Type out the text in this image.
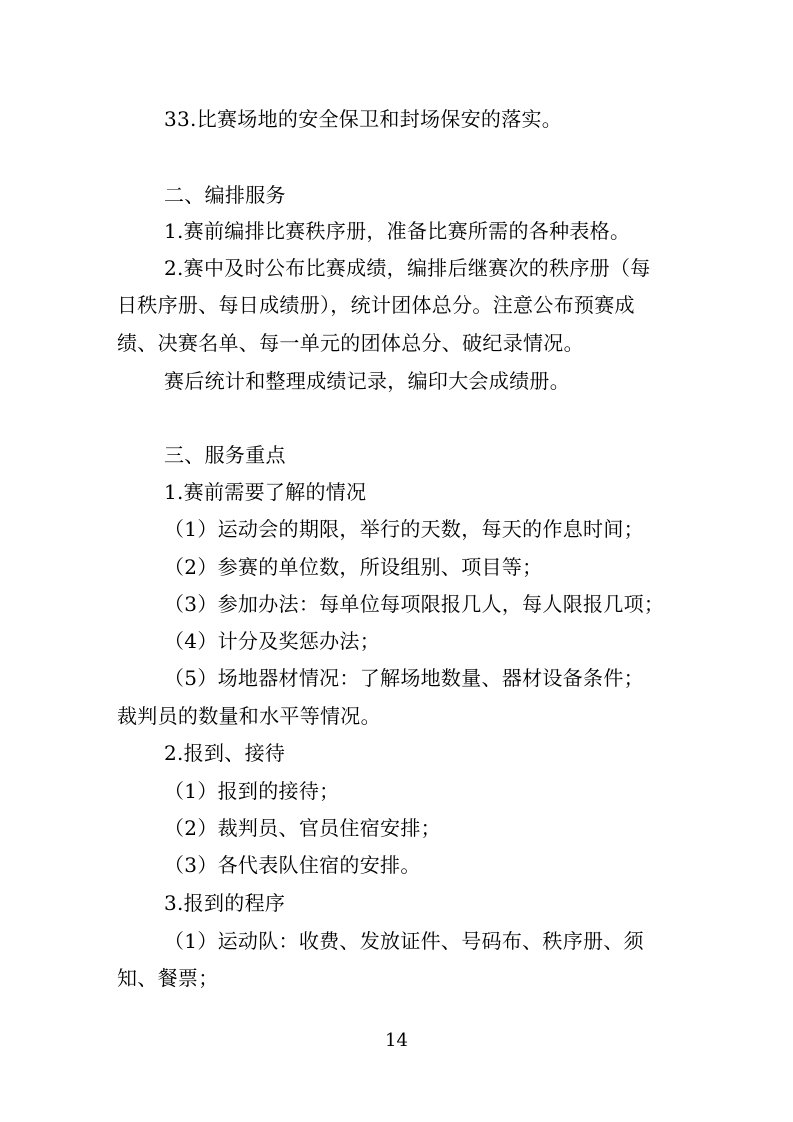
33.比赛场地的安全保卫和封场保安的落实。
二、编排服务
1.赛前编排比赛秩序册，准备比赛所需的各种表格。
2.赛中及时公布比赛成绩，编排后继赛次的秩序册（每
日秩序册、每日成绩册），统计团体总分。注意公布预赛成
绩、决赛名单、每一单元的团体总分、破纪录情况。
赛后统计和整理成绩记录，编印大会成绩册。
三、服务重点
1.赛前需要了解的情况
（1）运动会的期限，举行的天数，每天的作息时间；
（2）参赛的单位数，所设组别、项目等；
（3）参加办法：每单位每项限报几人，每人限报几项；
（4）计分及奖惩办法；
（5）场地器材情况：了解场地数量、器材设备条件；
裁判员的数量和水平等情况。
2.报到、接待
（1）报到的接待；
（2）裁判员、官员住宿安排；
（3）各代表队住宿的安排。
3.报到的程序
（1）运动队：收费、发放证件、号码布、秩序册、须
知、餐票；
14
